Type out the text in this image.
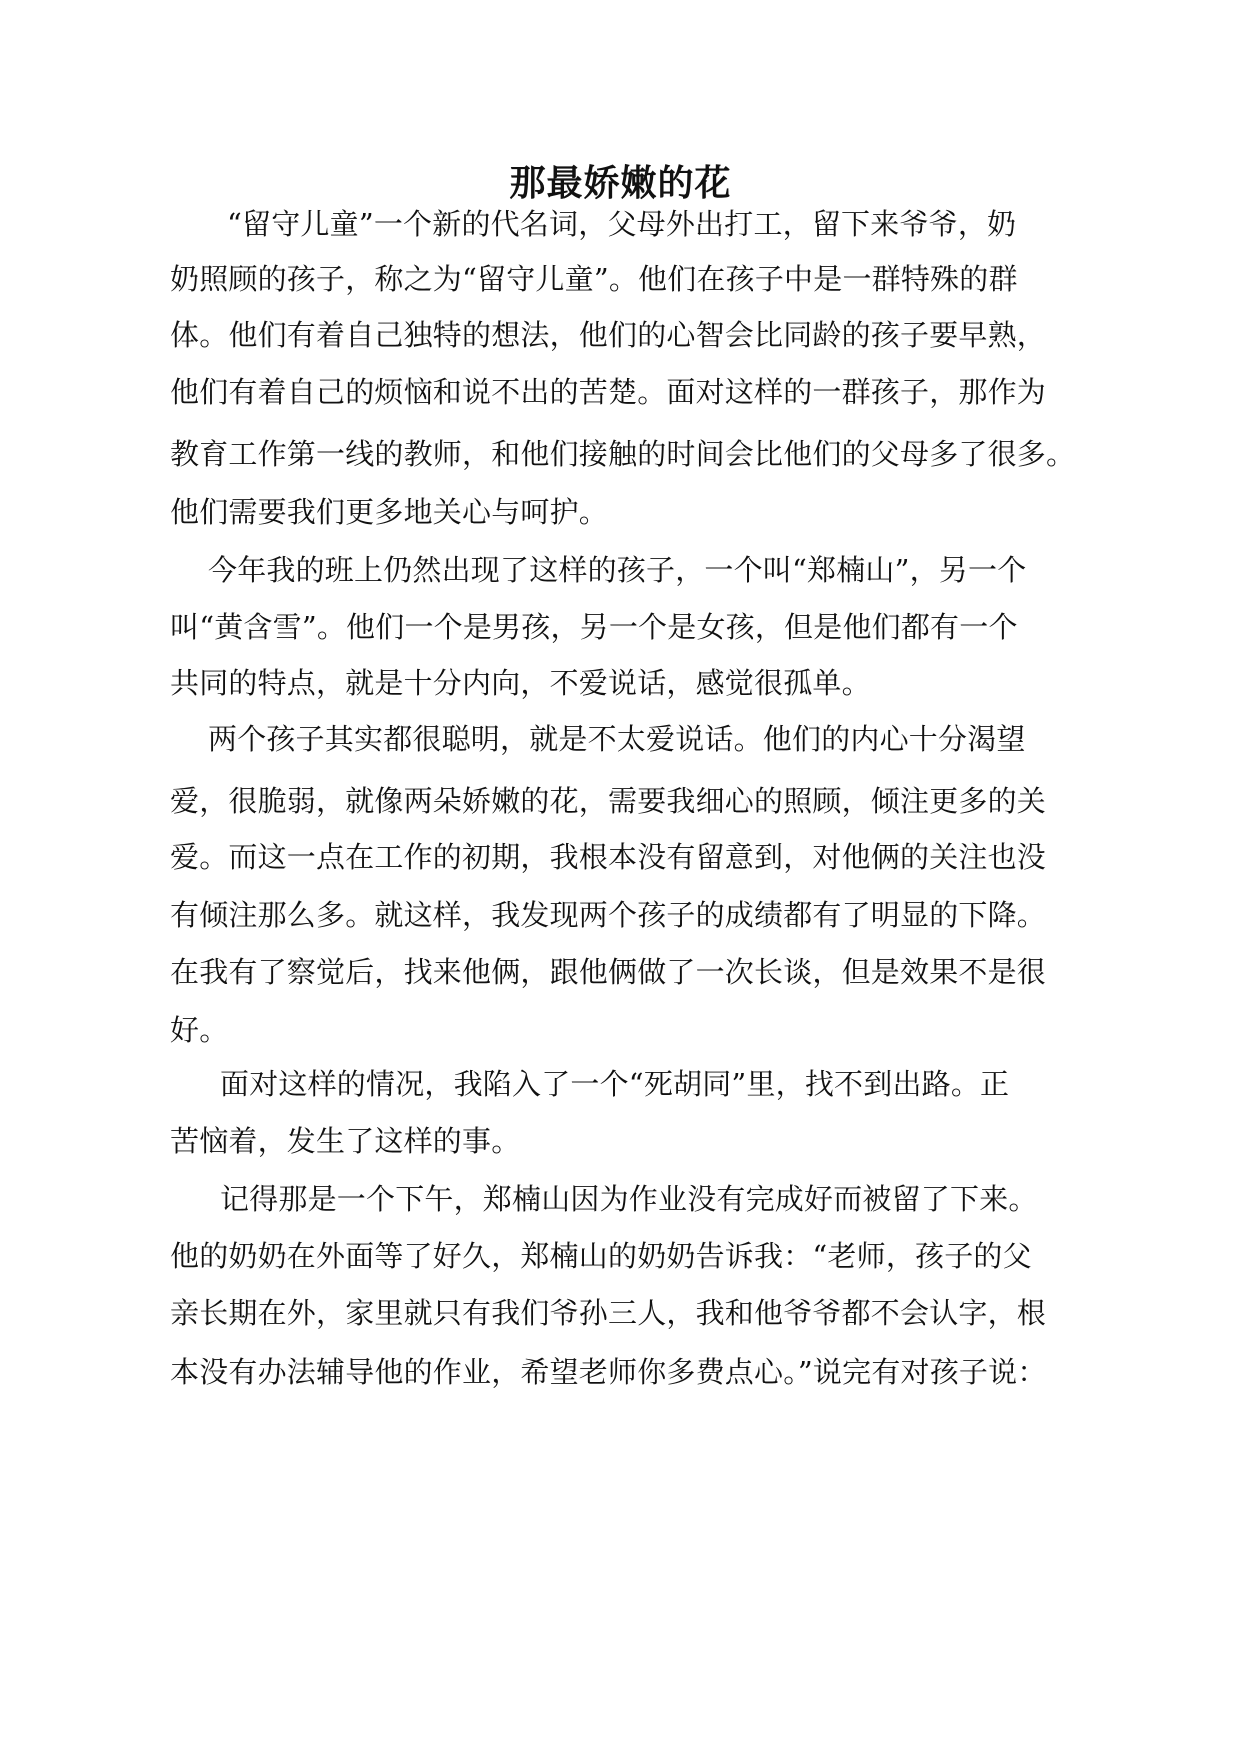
那最娇嫩的花
“留守儿童”一个新的代名词，父母外出打工，留下来爷爷，奶
奶照顾的孩子，称之为“留守儿童”。他们在孩子中是一群特殊的群
体。他们有着自己独特的想法，他们的心智会比同龄的孩子要早熟，
他们有着自己的烦恼和说不出的苦楚。面对这样的一群孩子，那作为
教育工作第一线的教师，和他们接触的时间会比他们的父母多了很多。
他们需要我们更多地关心与呵护。
今年我的班上仍然出现了这样的孩子，一个叫“郑楠山”，另一个
叫“黄含雪”。他们一个是男孩，另一个是女孩，但是他们都有一个
共同的特点，就是十分内向，不爱说话，感觉很孤单。
两个孩子其实都很聪明，就是不太爱说话。他们的内心十分渴望
爱，很脆弱，就像两朵娇嫩的花，需要我细心的照顾，倾注更多的关
爱。而这一点在工作的初期，我根本没有留意到，对他俩的关注也没
有倾注那么多。就这样，我发现两个孩子的成绩都有了明显的下降。
在我有了察觉后，找来他俩，跟他俩做了一次长谈，但是效果不是很
好。
面对这样的情况，我陷入了一个“死胡同”里，找不到出路。正
苦恼着，发生了这样的事。
记得那是一个下午，郑楠山因为作业没有完成好而被留了下来。
他的奶奶在外面等了好久，郑楠山的奶奶告诉我：“老师，孩子的父
亲长期在外，家里就只有我们爷孙三人，我和他爷爷都不会认字，根
本没有办法辅导他的作业，希望老师你多费点心。”说完有对孩子说：
